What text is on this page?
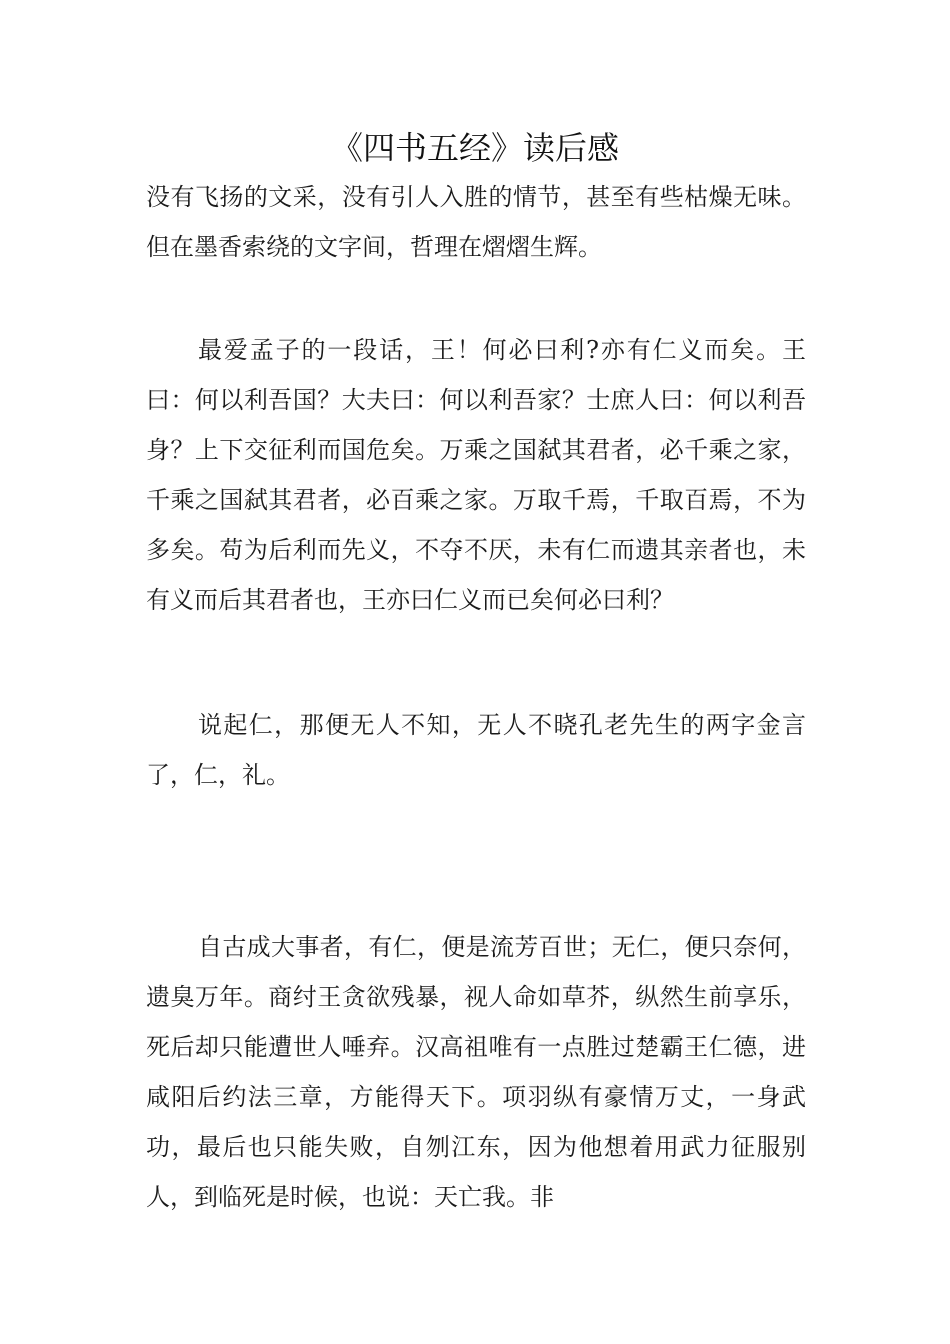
《四书五经》读后感

没有飞扬的文采，没有引人入胜的情节，甚至有些枯燥无味。但在墨香索绕的文字间，哲理在熠熠生辉。

最爱孟子的一段话，王！何必曰利?亦有仁义而矣。王曰：何以利吾国？大夫曰：何以利吾家？士庶人曰：何以利吾身？上下交征利而国危矣。万乘之国弑其君者，必千乘之家，千乘之国弑其君者，必百乘之家。万取千焉，千取百焉，不为多矣。苟为后利而先义，不夺不厌，未有仁而遗其亲者也，未有义而后其君者也，王亦曰仁义而已矣何必曰利？

说起仁，那便无人不知，无人不晓孔老先生的两字金言了，仁，礼。

自古成大事者，有仁，便是流芳百世；无仁，便只奈何，遗臭万年。商纣王贪欲残暴，视人命如草芥，纵然生前享乐，死后却只能遭世人唾弃。汉高祖唯有一点胜过楚霸王仁德，进咸阳后约法三章，方能得天下。项羽纵有豪情万丈，一身武功，最后也只能失败，自刎江东，因为他想着用武力征服别人，到临死是时候，也说：天亡我。非
